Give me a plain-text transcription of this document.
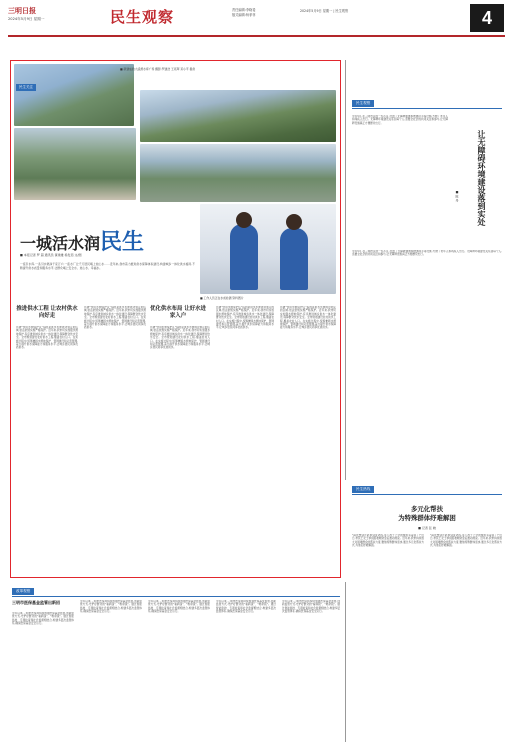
三明日报
2024年5月9日 星期一	民生观察	责任编辑:李晓斐
版式编辑:杨菲菲
2024年5月9日 星期一 | 民生观察	4
民生关注
■ 新建成的大溪源水库广场 摄影:罗建浩 王亮辉 邓小平 提供
■ 工作人员正在水质检测 资料图片
一城活水润民生
■ 本报记者 罗 超 通讯员 黄建雄 杨发茹 文/图
一座引水库,一条引水渠润千家万户,一座水厂让千万居民喝上放心水……近年来,我市着力推进供水保障体系建设,构建城乡一体化供水格局,不断提升供水质量和服务水平,让群众喝上安全水、放心水、幸福水。
推进供水工程 让农村供水向好走
所谓"饮用水源保护区"指的是供水水源周边划定的区域,依法依规实施严格保护。近年来,我市切实加强水源地保护,有序推进城乡供水一体化建设,保障群众饮水安全。全市规划建设农村供水工程,覆盖农村人口。在实施过程中,统筹兼顾水源地保护、管网建设和运营管理,着力提升供水保障能力和服务水平,让城乡居民同享优质供水。
所谓"饮用水源保护区"指的是供水水源周边划定的区域,依法依规实施严格保护。近年来,我市切实加强水源地保护,有序推进城乡供水一体化建设,保障群众饮水安全。全市规划建设农村供水工程,覆盖农村人口。在实施过程中,统筹兼顾水源地保护、管网建设和运营管理,着力提升供水保障能力和服务水平,让城乡居民同享优质供水。
优化供水布局 让好水进家入户
所谓"饮用水源保护区"指的是供水水源周边划定的区域,依法依规实施严格保护。近年来,我市切实加强水源地保护,有序推进城乡供水一体化建设,保障群众饮水安全。全市规划建设农村供水工程,覆盖农村人口。在实施过程中,统筹兼顾水源地保护、管网建设和运营管理,着力提升供水保障能力和服务水平,让城乡居民同享优质供水。
所谓"饮用水源保护区"指的是供水水源周边划定的区域,依法依规实施严格保护。近年来,我市切实加强水源地保护,有序推进城乡供水一体化建设,保障群众饮水安全。全市规划建设农村供水工程,覆盖农村人口。在实施过程中,统筹兼顾水源地保护、管网建设和运营管理,着力提升供水保障能力和服务水平,让城乡居民同享优质供水。
所谓"饮用水源保护区"指的是供水水源周边划定的区域,依法依规实施严格保护。近年来,我市切实加强水源地保护,有序推进城乡供水一体化建设,保障群众饮水安全。全市规划建设农村供水工程,覆盖农村人口。在实施过程中,统筹兼顾水源地保护、管网建设和运营管理,着力提升供水保障能力和服务水平,让城乡居民同享优质供水。
民生观察
让无障碍环境建设落到实处
■ 陈 丹
今年5月,在三明市区的一些小区,设置了无障碍通道和坡道扶手等设施,方便了老年人和残疾人出行。无障碍环境建设关系到每个人,需要全社会的共同关注和参与,让无障碍设施真正方便群众出行。
今年5月,在三明市区的一些小区,设置了无障碍通道和坡道扶手等设施,方便了老年人和残疾人出行。无障碍环境建设关系到每个人,需要全社会的共同关注和参与,让无障碍设施真正方便群众出行。
民生热线
多元化帮扶
为特殊群体纾难解困
■ 记者 张 晓
"真没想到还能拿到这笔钱,这下孩子上学的费用有着落了!"近日,市民王女士拿到困难救助金后激动地说。近年来,我市持续加大对困难群众的帮扶力度,聚焦特殊群体需求,通过多元化帮扶方式,为他们纾难解困。
"真没想到还能拿到这笔钱,这下孩子上学的费用有着落了!"近日,市民王女士拿到困难救助金后激动地说。近年来,我市持续加大对困难群众的帮扶力度,聚焦特殊群体需求,通过多元化帮扶方式,为他们纾难解困。
改革观察
三明市医保基金监管出新招
今年以来,三明市医保局持续加强医保基金监管,创新监管方式,守护好群众的"看病钱"、"救命钱"。通过智能监控、专项检查和社会监督相结合,构建多层次监管体系,确保医保基金安全运行。
今年以来,三明市医保局持续加强医保基金监管,创新监管方式,守护好群众的"看病钱"、"救命钱"。通过智能监控、专项检查和社会监督相结合,构建多层次监管体系,确保医保基金安全运行。
今年以来,三明市医保局持续加强医保基金监管,创新监管方式,守护好群众的"看病钱"、"救命钱"。通过智能监控、专项检查和社会监督相结合,构建多层次监管体系,确保医保基金安全运行。
今年以来,三明市医保局持续加强医保基金监管,创新监管方式,守护好群众的"看病钱"、"救命钱"。通过智能监控、专项检查和社会监督相结合,构建多层次监管体系,确保医保基金安全运行。
今年以来,三明市医保局持续加强医保基金监管,创新监管方式,守护好群众的"看病钱"、"救命钱"。通过智能监控、专项检查和社会监督相结合,构建多层次监管体系,确保医保基金安全运行。
